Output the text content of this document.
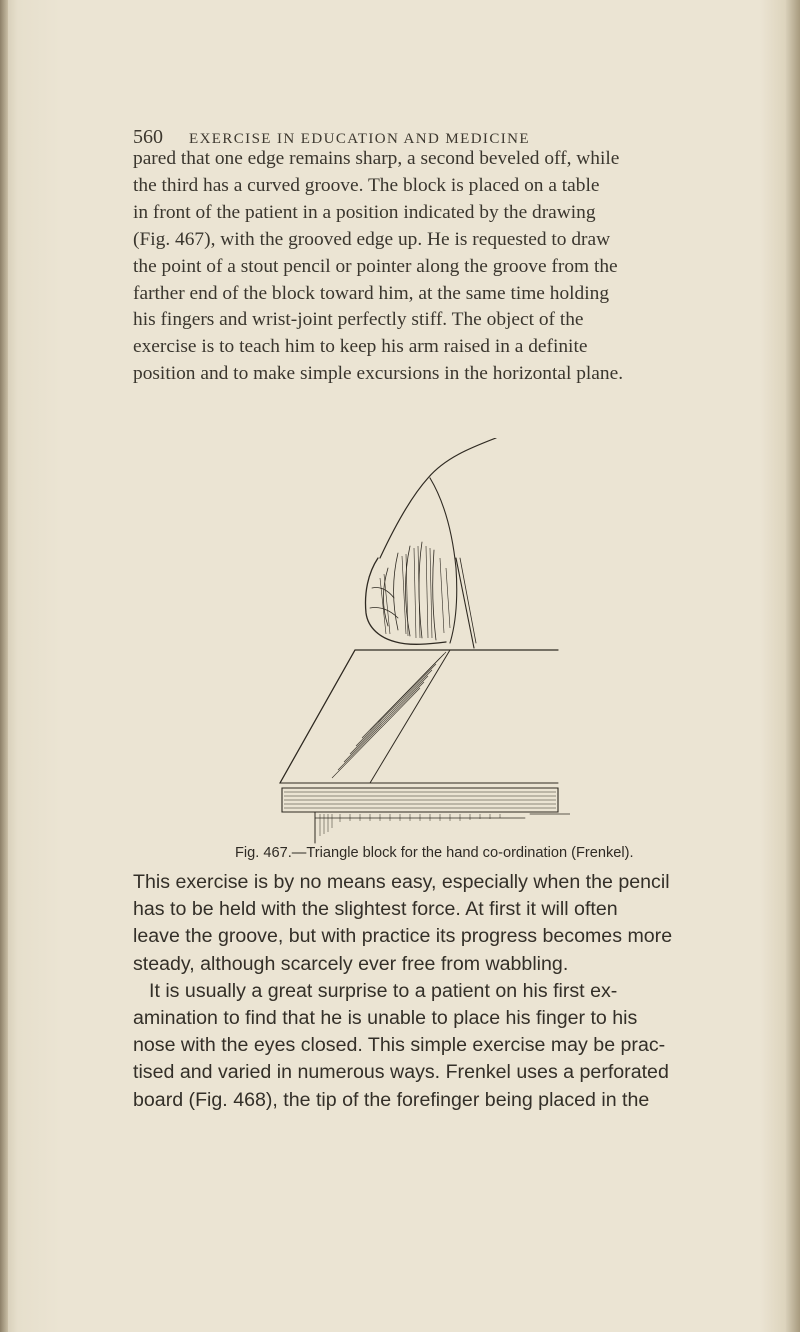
560 EXERCISE IN EDUCATION AND MEDICINE
pared that one edge remains sharp, a second beveled off, while
the third has a curved groove. The block is placed on a table
in front of the patient in a position indicated by the drawing
(Fig. 467), with the grooved edge up. He is requested to draw
the point of a stout pencil or pointer along the groove from the
farther end of the block toward him, at the same time holding
his fingers and wrist-joint perfectly stiff. The object of the
exercise is to teach him to keep his arm raised in a definite
position and to make simple excursions in the horizontal plane.
Fig. 467.—Triangle block for the hand co-ordination (Frenkel).
This exercise is by no means easy, especially when the pencil
has to be held with the slightest force. At first it will often
leave the groove, but with practice its progress becomes more
steady, although scarcely ever free from wabbling.
It is usually a great surprise to a patient on his first ex-
amination to find that he is unable to place his finger to his
nose with the eyes closed. This simple exercise may be prac-
tised and varied in numerous ways. Frenkel uses a perforated
board (Fig. 468), the tip of the forefinger being placed in the
